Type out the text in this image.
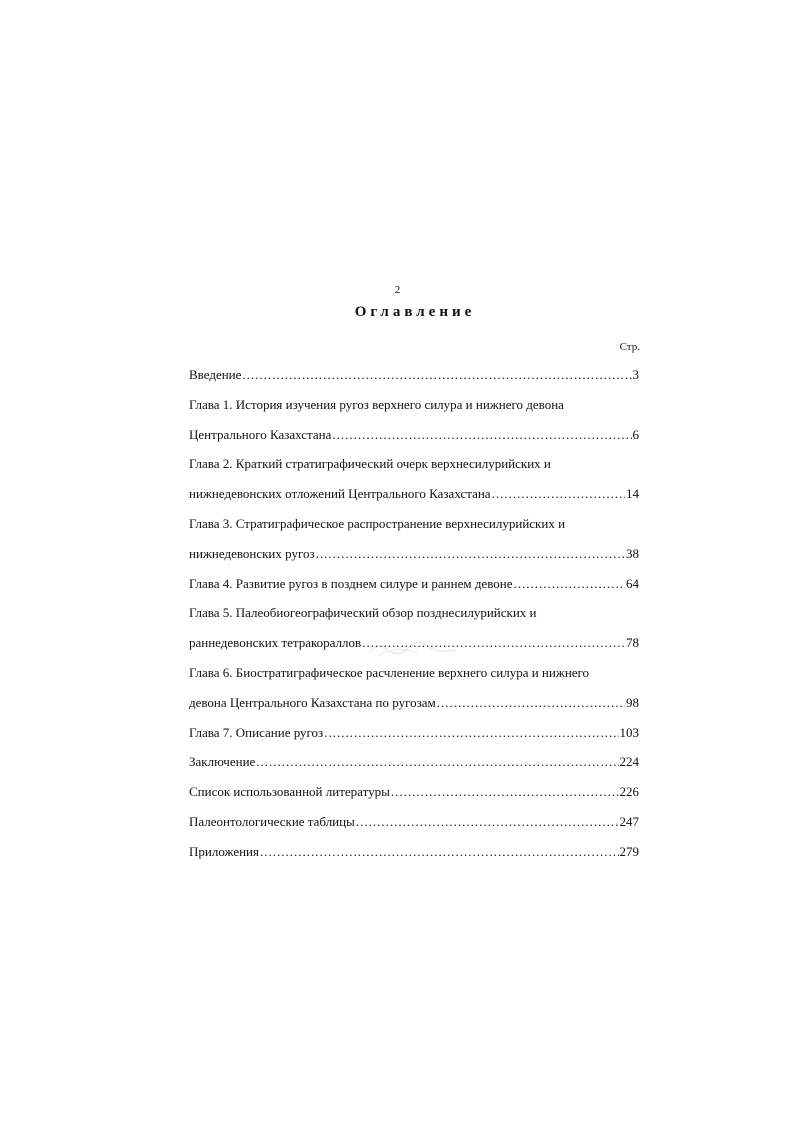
2
Оглавление
Стр.
Введение .....	3
Глава 1. История изучения ругоз верхнего силура и нижнего девона
Центрального Казахстана .....	6
Глава 2. Краткий стратиграфический очерк верхнесилурийских и
нижнедевонских отложений Центрального Казахстана .....	14
Глава 3. Стратиграфическое распространение верхнесилурийских и
нижнедевонских ругоз .....	38
Глава 4. Развитие ругоз в позднем силуре и раннем девоне .....	64
Глава 5. Палеобиогеографический обзор позднесилурийских и
раннедевонских тетракораллов .....	78
Глава 6. Биостратиграфическое расчленение верхнего силура и нижнего
девона Центрального Казахстана по ругозам .....	98
Глава 7. Описание ругоз .....	103
Заключение .....	224
Список использованной литературы .....	226
Палеонтологические таблицы .....	247
Приложения .....	279
